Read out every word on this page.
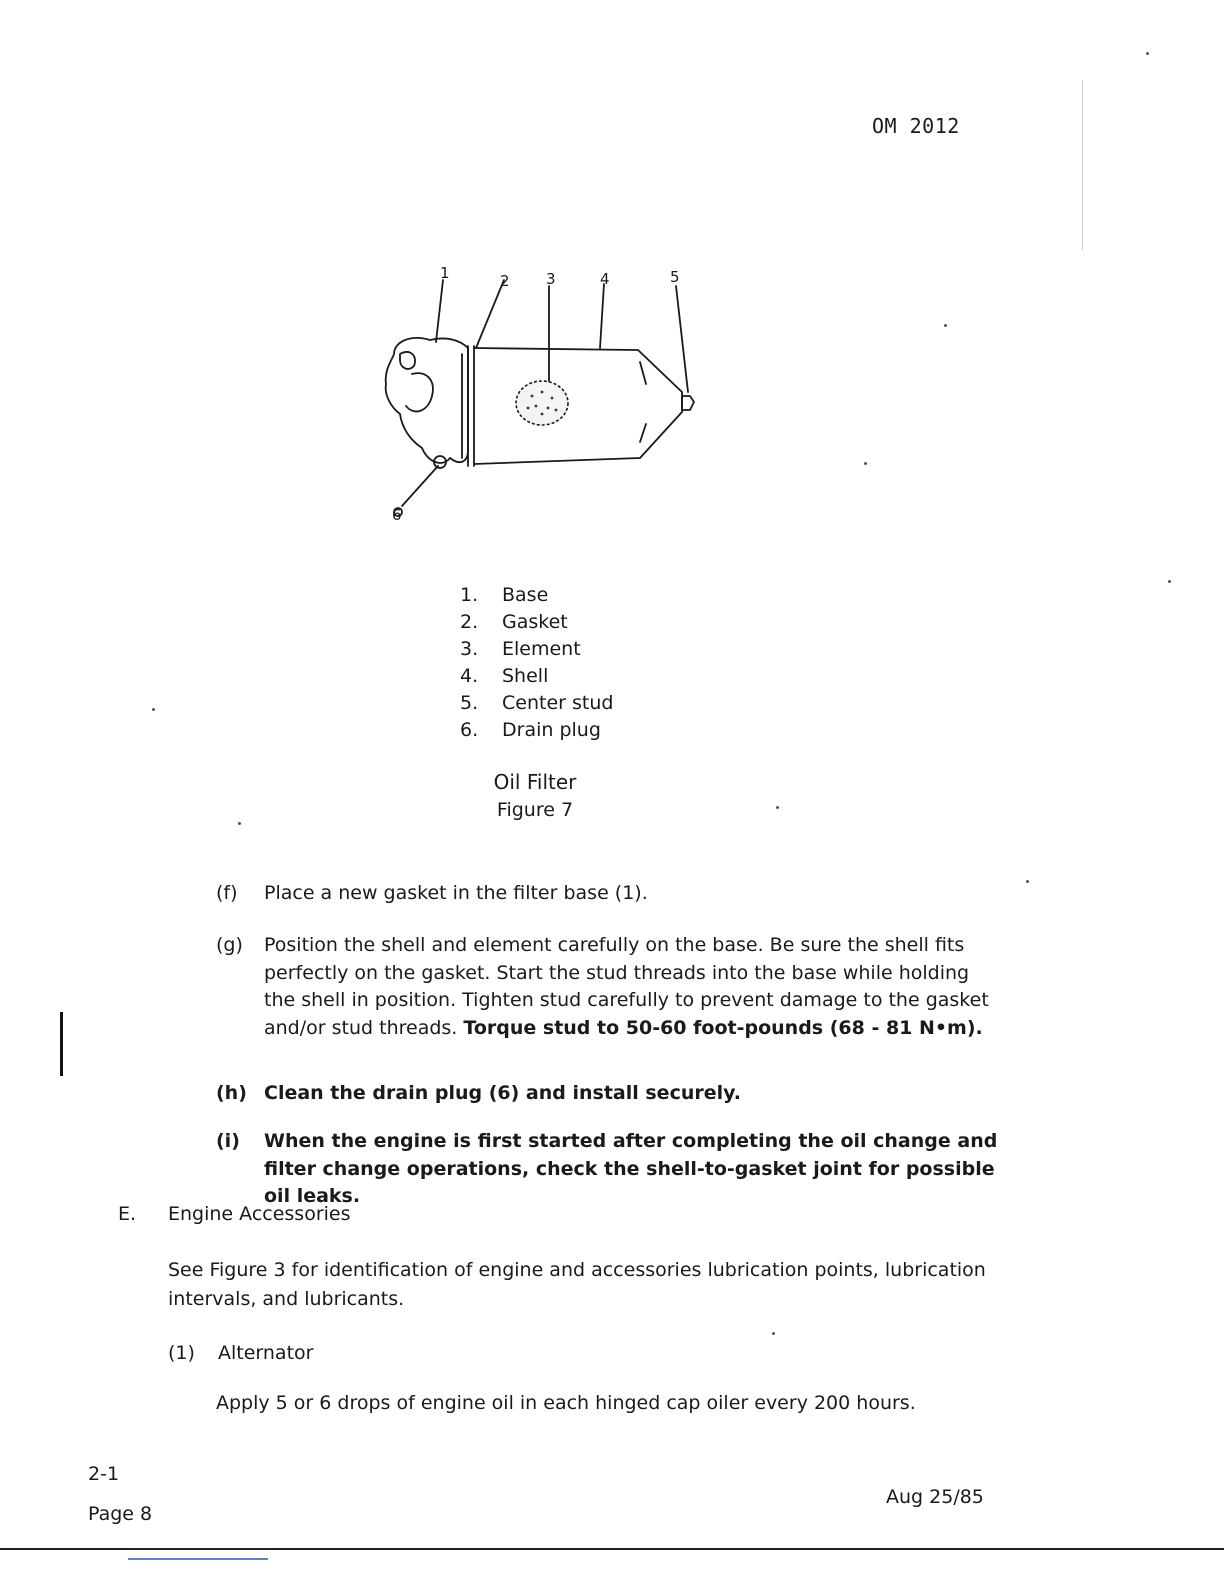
OM 2012
1	2 3	4	5
6
1.	Base
2.	Gasket
3.	Element
4.	Shell
5.	Center stud
6.	Drain plug
Oil Filter
Figure 7
(f) Place a new gasket in the filter base (1).
(g) Position the shell and element carefully on the base. Be sure the shell fits perfectly on the gasket. Start the stud threads into the base while holding the shell in position. Tighten stud carefully to prevent damage to the gasket and/or stud threads. Torque stud to 50-60 foot-pounds (68 - 81 N•m).
(h) Clean the drain plug (6) and install securely.
(i) When the engine is first started after completing the oil change and filter change operations, check the shell-to-gasket joint for possible oil leaks.
E. Engine Accessories
See Figure 3 for identification of engine and accessories lubrication points, lubrication intervals, and lubricants.
(1) Alternator
Apply 5 or 6 drops of engine oil in each hinged cap oiler every 200 hours.
2-1
Page 8
Aug 25/85
